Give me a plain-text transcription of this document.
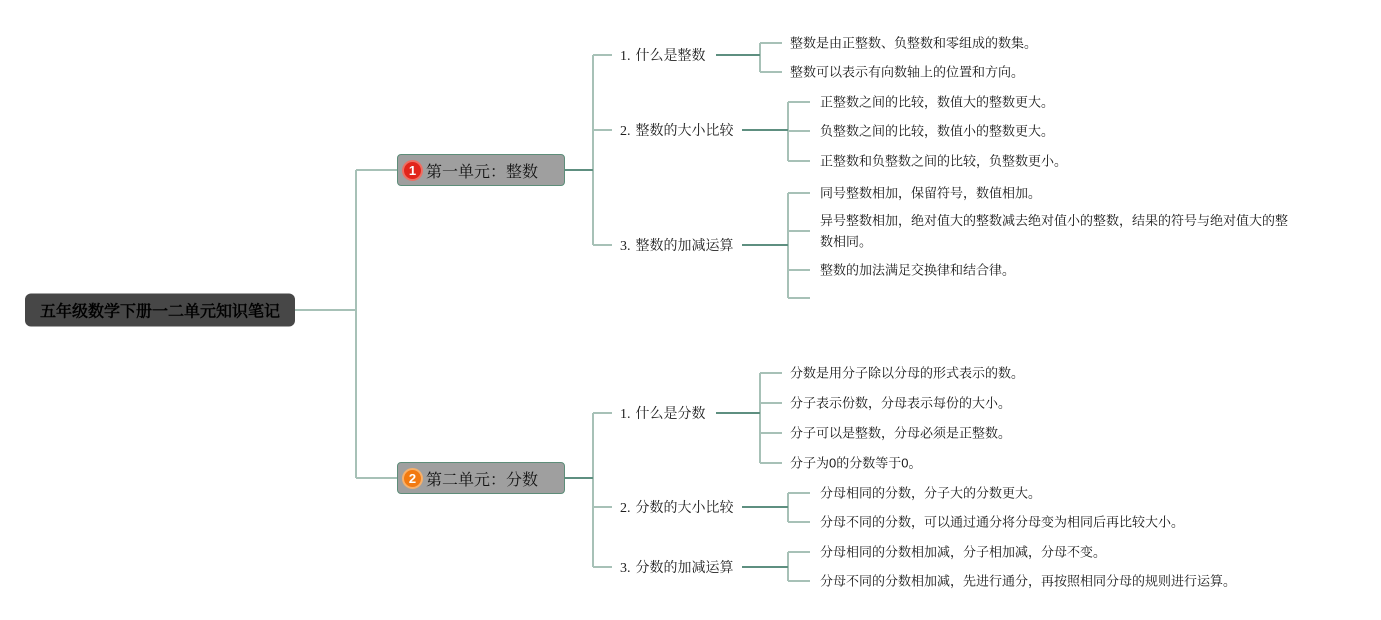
五年级数学下册一二单元知识笔记
1 第一单元：整数
1. 什么是整数
整数是由正整数、负整数和零组成的数集。
整数可以表示有向数轴上的位置和方向。
2. 整数的大小比较
正整数之间的比较，数值大的整数更大。
负整数之间的比较，数值小的整数更大。
正整数和负整数之间的比较，负整数更小。
3. 整数的加减运算
同号整数相加，保留符号，数值相加。
异号整数相加，绝对值大的整数减去绝对值小的整数，结果的符号与绝对值大的整数相同。
整数的加法满足交换律和结合律。
2 第二单元：分数
1. 什么是分数
分数是用分子除以分母的形式表示的数。
分子表示份数，分母表示每份的大小。
分子可以是整数，分母必须是正整数。
分子为0的分数等于0。
2. 分数的大小比较
分母相同的分数，分子大的分数更大。
分母不同的分数，可以通过通分将分母变为相同后再比较大小。
3. 分数的加减运算
分母相同的分数相加减，分子相加减，分母不变。
分母不同的分数相加减，先进行通分，再按照相同分母的规则进行运算。
